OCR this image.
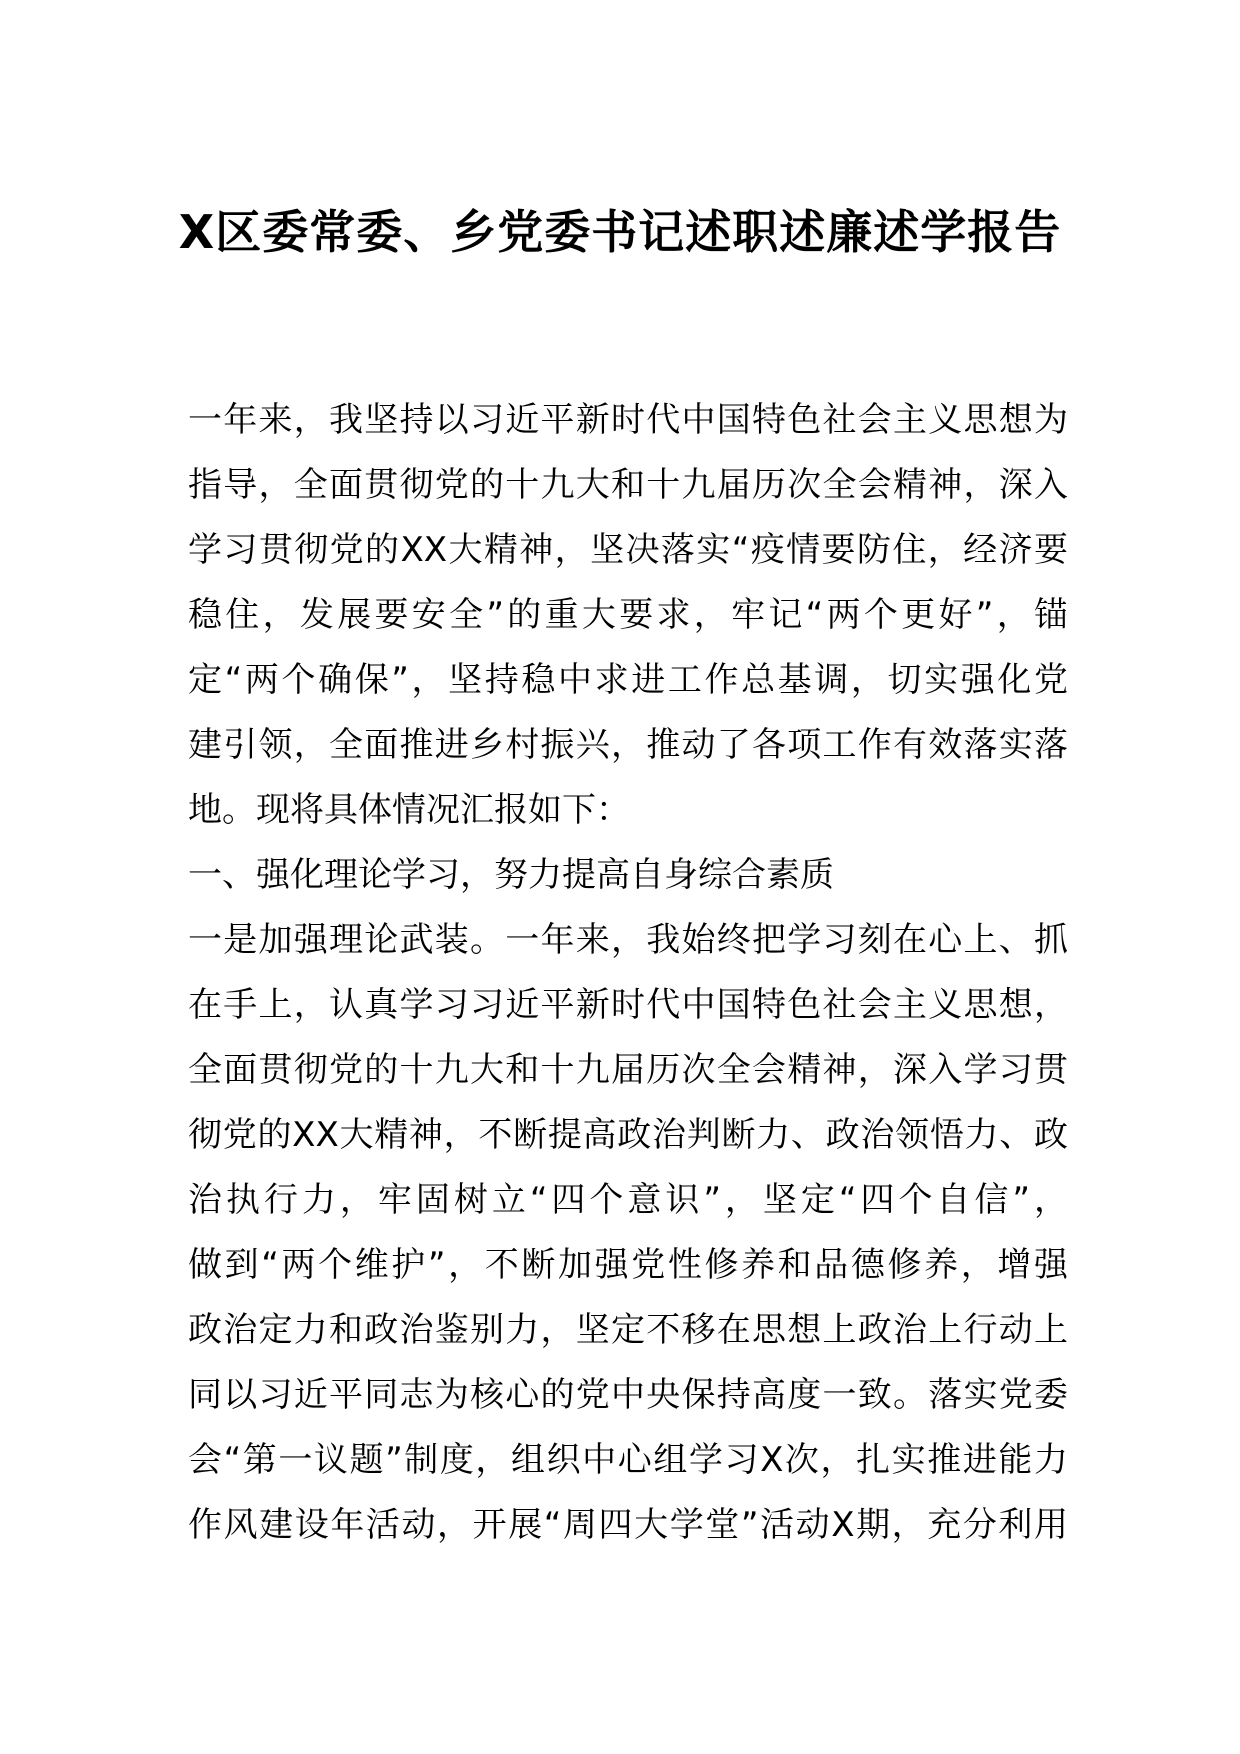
X区委常委、乡党委书记述职述廉述学报告
一年来，我坚持以习近平新时代中国特色社会主义思想为
指导，全面贯彻党的十九大和十九届历次全会精神，深入
学习贯彻党的XX大精神，坚决落实“疫情要防住，经济要
稳住，发展要安全”的重大要求，牢记“两个更好”，锚
定“两个确保”，坚持稳中求进工作总基调，切实强化党
建引领，全面推进乡村振兴，推动了各项工作有效落实落
地。现将具体情况汇报如下：
一、强化理论学习，努力提高自身综合素质
一是加强理论武装。一年来，我始终把学习刻在心上、抓
在手上，认真学习习近平新时代中国特色社会主义思想，
全面贯彻党的十九大和十九届历次全会精神，深入学习贯
彻党的XX大精神，不断提高政治判断力、政治领悟力、政
治执行力，牢固树立“四个意识”，坚定“四个自信”，
做到“两个维护”，不断加强党性修养和品德修养，增强
政治定力和政治鉴别力，坚定不移在思想上政治上行动上
同以习近平同志为核心的党中央保持高度一致。落实党委
会“第一议题”制度，组织中心组学习X次，扎实推进能力
作风建设年活动，开展“周四大学堂”活动X期，充分利用
